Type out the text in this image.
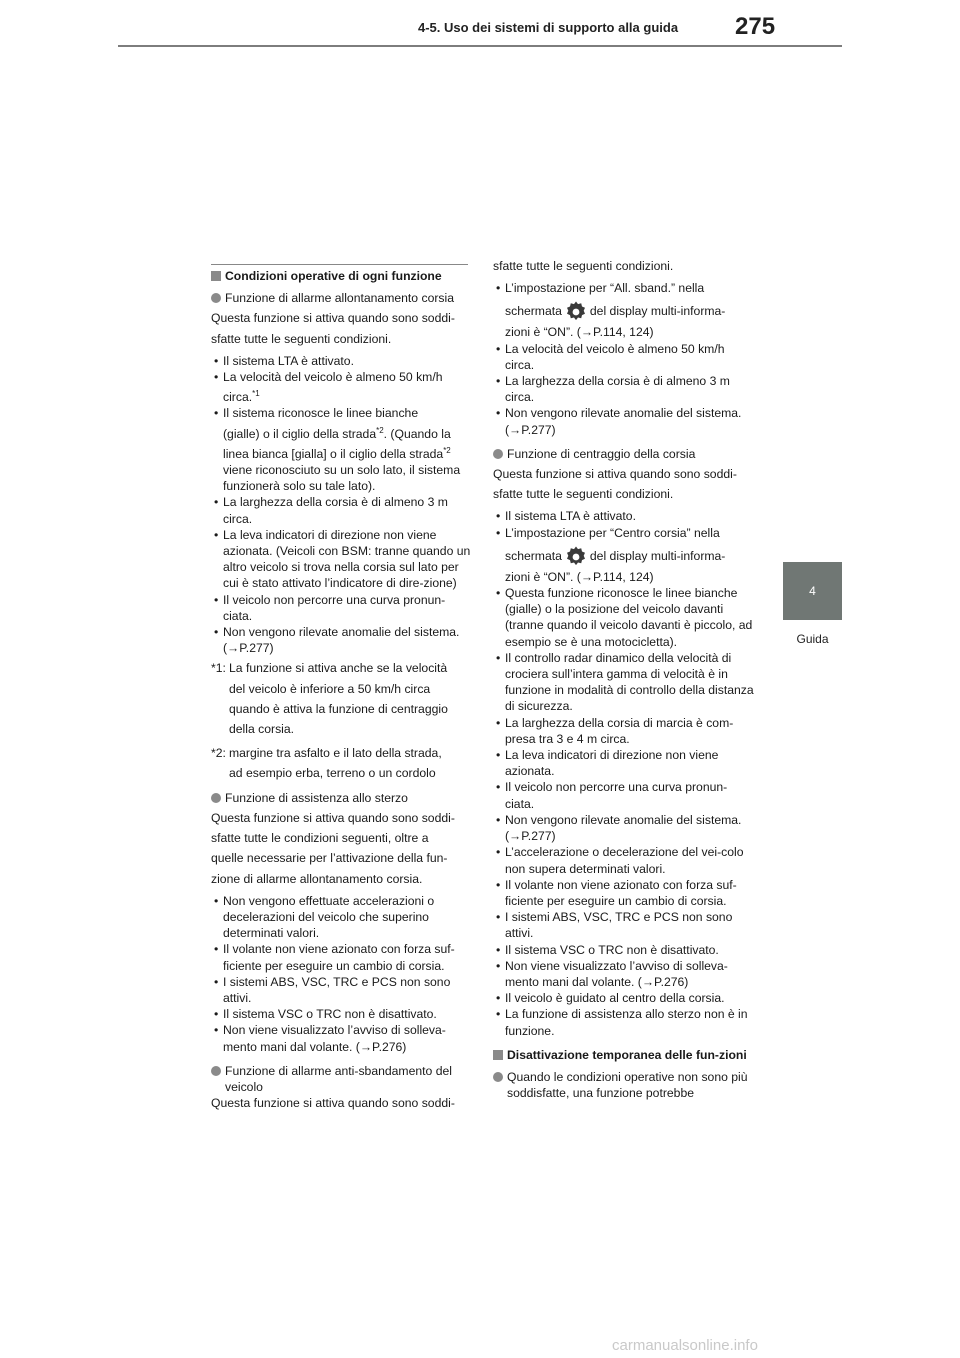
4-5. Uso dei sistemi di supporto alla guida 275
4
Guida

Condizioni operative di ogni funzione

Funzione di allarme allontanamento corsia

Questa funzione si attiva quando sono soddi-

sfatte tutte le seguenti condizioni.

• Il sistema LTA è attivato.

• La velocità del veicolo è almeno 50 km/h

circa.$^{*1}$

• Il sistema riconosce le linee bianche

(gialle) o il ciglio della strada$^{*2}$. (Quando la

linea bianca [gialla] o il ciglio della strada$^{*2}$
viene riconosciuto su un solo lato, il sistema funzionerà solo su tale lato).

• La larghezza della corsia è di almeno 3 m circa.

• La leva indicatori di direzione non viene azionata. (Veicoli con BSM: tranne quando un altro veicolo si trova nella corsia sul lato per cui è stato attivato l’indicatore di dire-zione)

• Il veicolo non percorre una curva pronun-ciata.

• Non vengono rilevate anomalie del sistema. (→P.277)

*1: La funzione si attiva anche se la velocità

del veicolo è inferiore a 50 km/h circa

quando è attiva la funzione di centraggio

della corsia.

*2: margine tra asfalto e il lato della strada,

ad esempio erba, terreno o un cordolo

Funzione di assistenza allo sterzo

Questa funzione si attiva quando sono soddi-

sfatte tutte le condizioni seguenti, oltre a

quelle necessarie per l’attivazione della fun-

zione di allarme allontanamento corsia.

• Non vengono effettuate accelerazioni o decelerazioni del veicolo che superino determinati valori.

• Il volante non viene azionato con forza suf-ficiente per eseguire un cambio di corsia.

• I sistemi ABS, VSC, TRC e PCS non sono attivi.

• Il sistema VSC o TRC non è disattivato.

• Non viene visualizzato l’avviso di solleva-mento mani dal volante. (→P.276)

Funzione di allarme anti-sbandamento del veicolo

Questa funzione si attiva quando sono soddi-

sfatte tutte le seguenti condizioni.

• L’impostazione per “All. sband.” nella

schermata del display multi-informa-

zioni è “ON”. (→P.114, 124)

• La velocità del veicolo è almeno 50 km/h circa.

• La larghezza della corsia è di almeno 3 m circa.

• Non vengono rilevate anomalie del sistema. (→P.277)

Funzione di centraggio della corsia

Questa funzione si attiva quando sono soddi-

sfatte tutte le seguenti condizioni.

• Il sistema LTA è attivato.

• L’impostazione per “Centro corsia” nella

schermata del display multi-informa-

zioni è “ON”. (→P.114, 124)

• Questa funzione riconosce le linee bianche (gialle) o la posizione del veicolo davanti (tranne quando il veicolo davanti è piccolo, ad esempio se è una motocicletta).

• Il controllo radar dinamico della velocità di crociera sull’intera gamma di velocità è in funzione in modalità di controllo della distanza di sicurezza.

• La larghezza della corsia di marcia è com-presa tra 3 e 4 m circa.

• La leva indicatori di direzione non viene azionata.

• Il veicolo non percorre una curva pronun-ciata.

• Non vengono rilevate anomalie del sistema. (→P.277)

• L’accelerazione o decelerazione del vei-colo non supera determinati valori.

• Il volante non viene azionato con forza suf-ficiente per eseguire un cambio di corsia.

• I sistemi ABS, VSC, TRC e PCS non sono attivi.

• Il sistema VSC o TRC non è disattivato.

• Non viene visualizzato l’avviso di solleva-mento mani dal volante. (→P.276)

• Il veicolo è guidato al centro della corsia.

• La funzione di assistenza allo sterzo non è in funzione.

Disattivazione temporanea delle fun-zioni

Quando le condizioni operative non sono più soddisfatte, una funzione potrebbe

carmanualsonline.info
